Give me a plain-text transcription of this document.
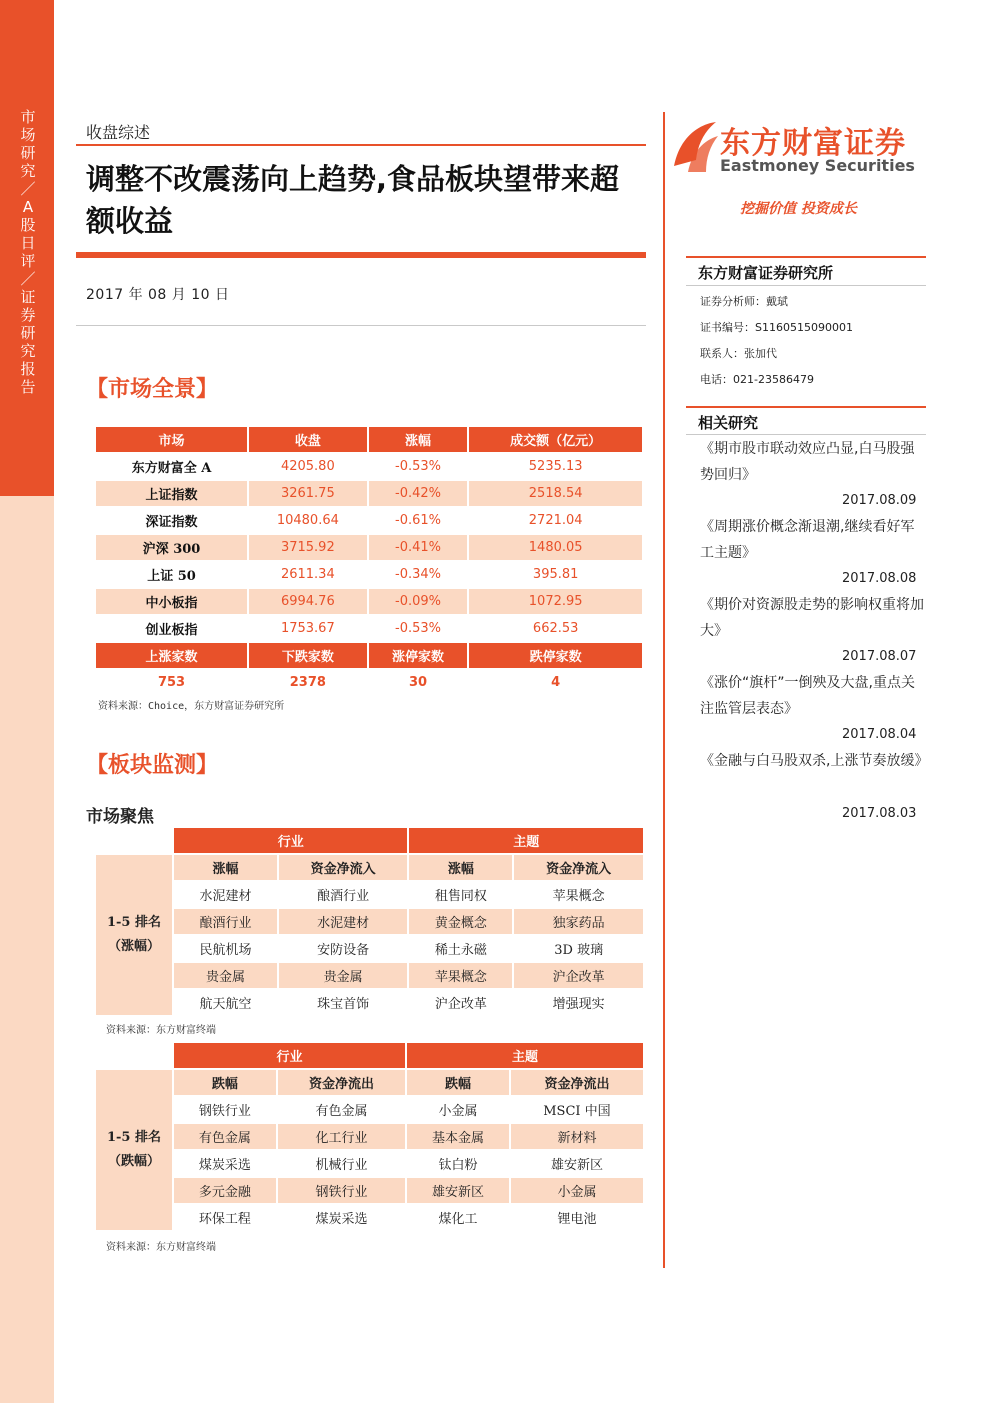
市场研究／A股日评／证券研究报告
收盘综述
调整不改震荡向上趋势,食品板块望带来超额收益
2017 年 08 月 10 日
【市场全景】
市场	收盘	涨幅	成交额（亿元）
东方财富全 A	4205.80	-0.53%	5235.13
上证指数	3261.75	-0.42%	2518.54
深证指数	10480.64	-0.61%	2721.04
沪深 300	3715.92	-0.41%	1480.05
上证 50	2611.34	-0.34%	395.81
中小板指	6994.76	-0.09%	1072.95
创业板指	1753.67	-0.53%	662.53
上涨家数	下跌家数	涨停家数	跌停家数
753	2378	30	4
资料来源：Choice，东方财富证券研究所
【板块监测】
市场聚焦
	行业		主题	
1-5 排名
（涨幅）	涨幅	资金净流入	涨幅	资金净流入
	水泥建材	酿酒行业	租售同权	苹果概念
	酿酒行业	水泥建材	黄金概念	独家药品
	民航机场	安防设备	稀土永磁	3D 玻璃
	贵金属	贵金属	苹果概念	沪企改革
	航天航空	珠宝首饰	沪企改革	增强现实
资料来源：东方财富终端
	行业		主题	
1-5 排名
（跌幅）	跌幅	资金净流出	跌幅	资金净流出
	钢铁行业	有色金属	小金属	MSCI 中国
	有色金属	化工行业	基本金属	新材料
	煤炭采选	机械行业	钛白粉	雄安新区
	多元金融	钢铁行业	雄安新区	小金属
	环保工程	煤炭采选	煤化工	锂电池
资料来源：东方财富终端
东方财富证券
Eastmoney Securities
挖掘价值 投资成长
东方财富证券研究所
证券分析师：戴珷
证书编号：S1160515090001
联系人：张加代
电话：021-23586479
相关研究
《期市股市联动效应凸显,白马股强势回归》
2017.08.09
《周期涨价概念渐退潮,继续看好军工主题》
2017.08.08
《期价对资源股走势的影响权重将加大》
2017.08.07
《涨价“旗杆”一倒殃及大盘,重点关注监管层表态》
2017.08.04
《金融与白马股双杀,上涨节奏放缓》
2017.08.03
